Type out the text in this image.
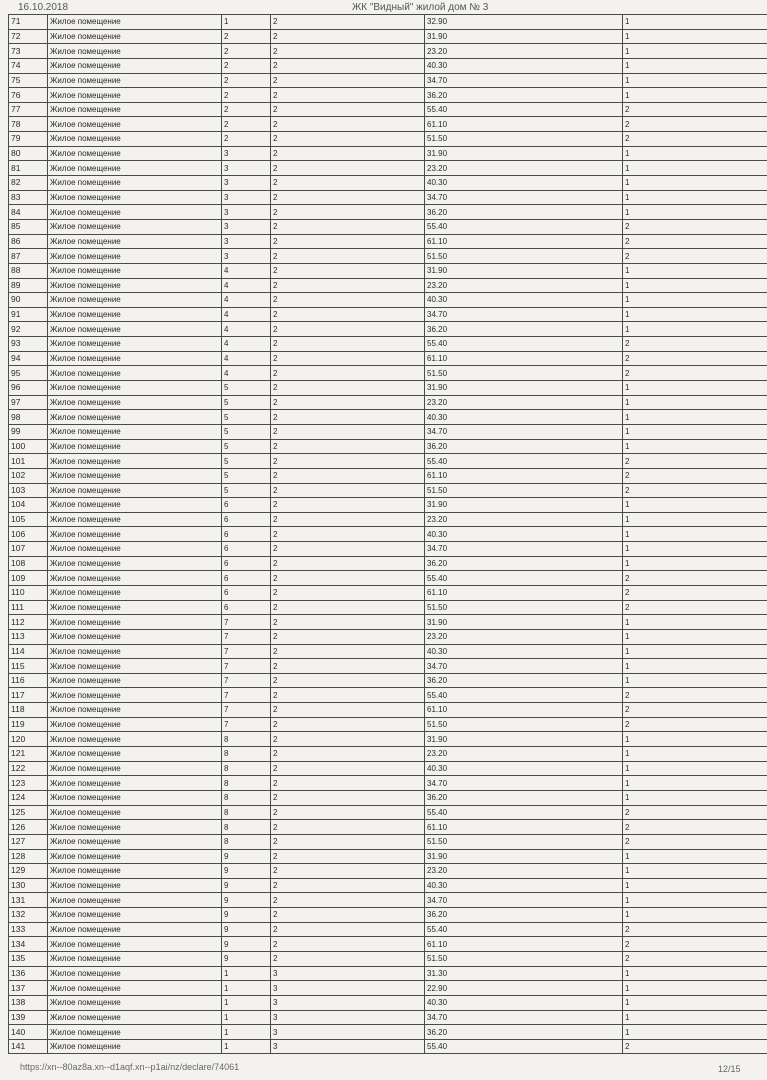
16.10.2018	ЖК "Видный" жилой дом № 3
71	Жилое помещение	1	2	32.90	1
72	Жилое помещение	2	2	31.90	1
73	Жилое помещение	2	2	23.20	1
74	Жилое помещение	2	2	40.30	1
75	Жилое помещение	2	2	34.70	1
76	Жилое помещение	2	2	36.20	1
77	Жилое помещение	2	2	55.40	2
78	Жилое помещение	2	2	61.10	2
79	Жилое помещение	2	2	51.50	2
80	Жилое помещение	3	2	31.90	1
81	Жилое помещение	3	2	23.20	1
82	Жилое помещение	3	2	40.30	1
83	Жилое помещение	3	2	34.70	1
84	Жилое помещение	3	2	36.20	1
85	Жилое помещение	3	2	55.40	2
86	Жилое помещение	3	2	61.10	2
87	Жилое помещение	3	2	51.50	2
88	Жилое помещение	4	2	31.90	1
89	Жилое помещение	4	2	23.20	1
90	Жилое помещение	4	2	40.30	1
91	Жилое помещение	4	2	34.70	1
92	Жилое помещение	4	2	36.20	1
93	Жилое помещение	4	2	55.40	2
94	Жилое помещение	4	2	61.10	2
95	Жилое помещение	4	2	51.50	2
96	Жилое помещение	5	2	31.90	1
97	Жилое помещение	5	2	23.20	1
98	Жилое помещение	5	2	40.30	1
99	Жилое помещение	5	2	34.70	1
100	Жилое помещение	5	2	36.20	1
101	Жилое помещение	5	2	55.40	2
102	Жилое помещение	5	2	61.10	2
103	Жилое помещение	5	2	51.50	2
104	Жилое помещение	6	2	31.90	1
105	Жилое помещение	6	2	23.20	1
106	Жилое помещение	6	2	40.30	1
107	Жилое помещение	6	2	34.70	1
108	Жилое помещение	6	2	36.20	1
109	Жилое помещение	6	2	55.40	2
110	Жилое помещение	6	2	61.10	2
111	Жилое помещение	6	2	51.50	2
112	Жилое помещение	7	2	31.90	1
113	Жилое помещение	7	2	23.20	1
114	Жилое помещение	7	2	40.30	1
115	Жилое помещение	7	2	34.70	1
116	Жилое помещение	7	2	36.20	1
117	Жилое помещение	7	2	55.40	2
118	Жилое помещение	7	2	61.10	2
119	Жилое помещение	7	2	51.50	2
120	Жилое помещение	8	2	31.90	1
121	Жилое помещение	8	2	23.20	1
122	Жилое помещение	8	2	40.30	1
123	Жилое помещение	8	2	34.70	1
124	Жилое помещение	8	2	36.20	1
125	Жилое помещение	8	2	55.40	2
126	Жилое помещение	8	2	61.10	2
127	Жилое помещение	8	2	51.50	2
128	Жилое помещение	9	2	31.90	1
129	Жилое помещение	9	2	23.20	1
130	Жилое помещение	9	2	40.30	1
131	Жилое помещение	9	2	34.70	1
132	Жилое помещение	9	2	36.20	1
133	Жилое помещение	9	2	55.40	2
134	Жилое помещение	9	2	61.10	2
135	Жилое помещение	9	2	51.50	2
136	Жилое помещение	1	3	31.30	1
137	Жилое помещение	1	3	22.90	1
138	Жилое помещение	1	3	40.30	1
139	Жилое помещение	1	3	34.70	1
140	Жилое помещение	1	3	36.20	1
141	Жилое помещение	1	3	55.40	2
https://xn--80az8a.xn--d1aqf.xn--p1ai/nz/declare/74061	12/15
